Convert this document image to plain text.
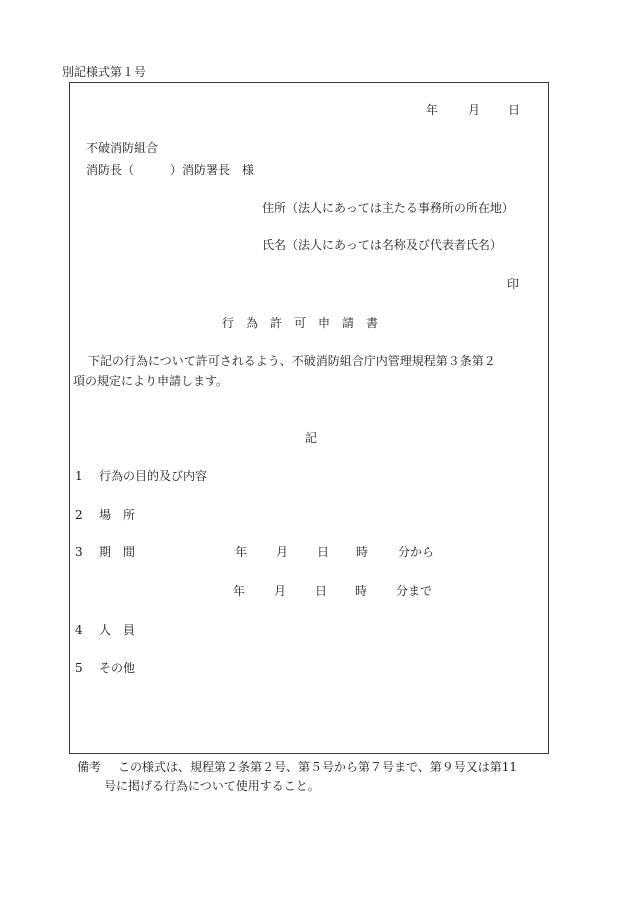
別記様式第１号
年 月 日
不破消防組合
消防長（　　　）消防署長　様
住所（法人にあっては主たる事務所の所在地）
氏名（法人にあっては名称及び代表者氏名）
印
行　為　許　可　申　請　書
下記の行為について許可されるよう、不破消防組合庁内管理規程第３条第２
項の規定により申請します。
記
1 行為の目的及び内容
2 場　所
3 期　間	年 月 日 時 分から
年 月 日 時 分まで
4 人　員
5 その他
備考 この様式は、規程第２条第２号、第５号から第７号まで、第９号又は第11
号に掲げる行為について使用すること。
